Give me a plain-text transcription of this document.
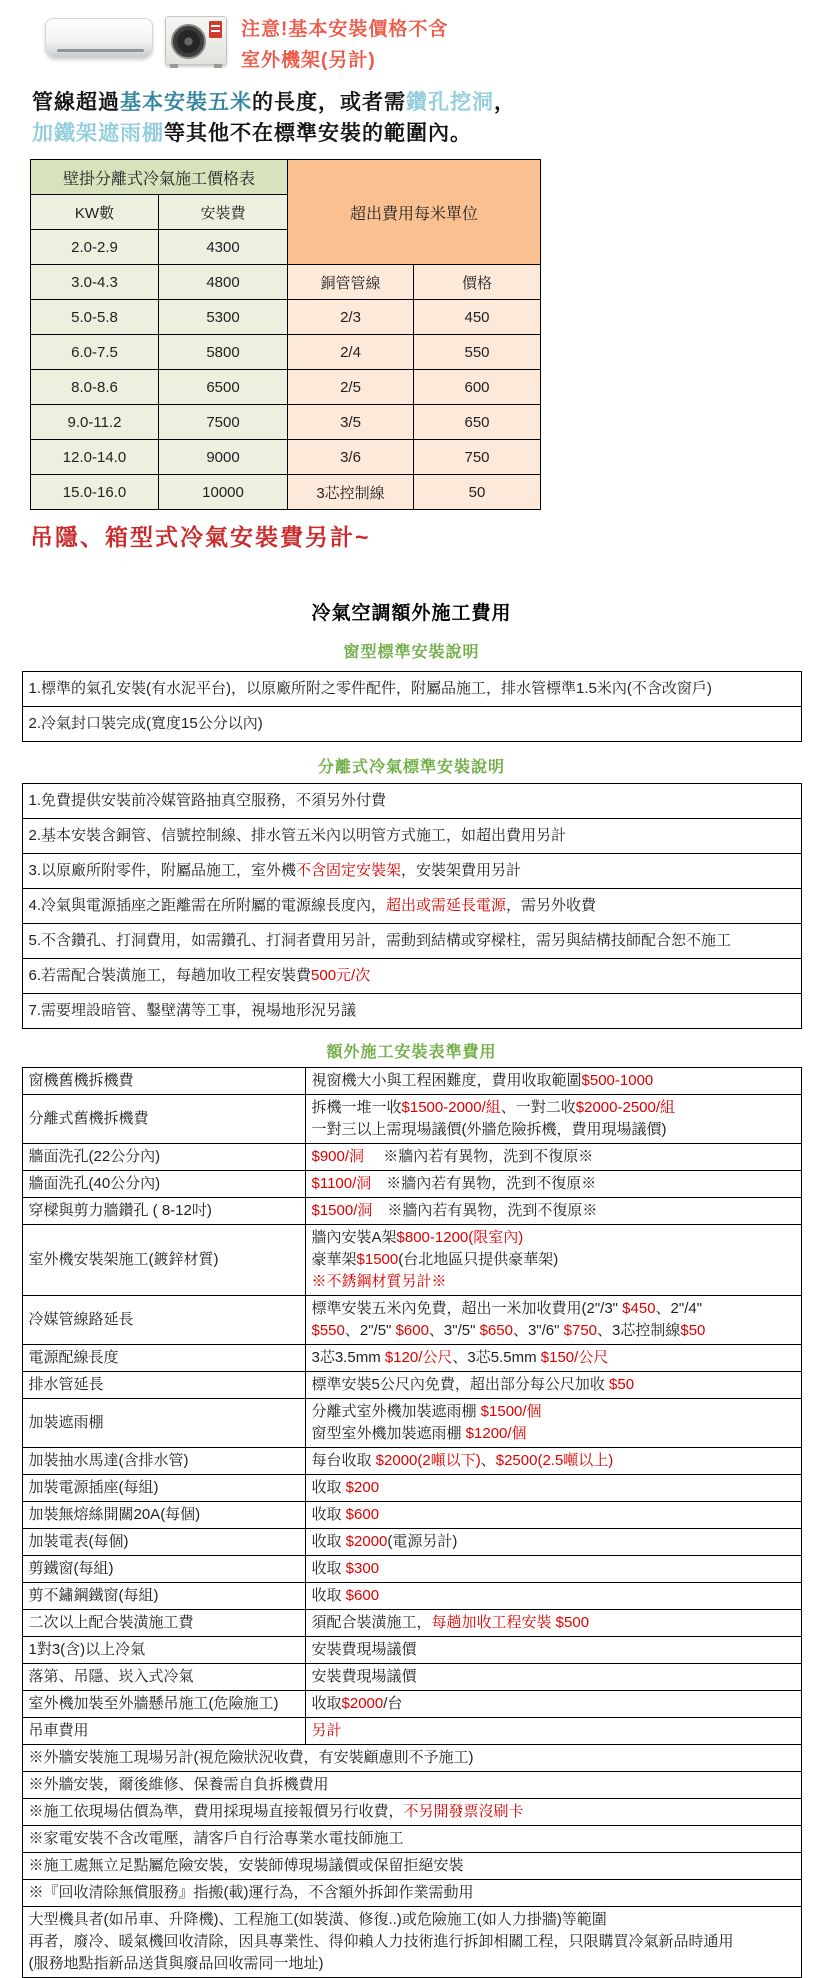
注意!基本安裝價格不含
室外機架(另計)
管線超過基本安裝五米的長度，或者需鑽孔挖洞，
加鐵架遮雨棚等其他不在標準安裝的範圍內。
壁掛分離式冷氣施工價格表		超出費用每米單位	
KW數	安裝費		
2.0-2.9	4300		
3.0-4.3	4800	銅管管線	價格
5.0-5.8	5300	2/3	450
6.0-7.5	5800	2/4	550
8.0-8.6	6500	2/5	600
9.0-11.2	7500	3/5	650
12.0-14.0	9000	3/6	750
15.0-16.0	10000	3芯控制線	50
吊隱、箱型式冷氣安裝費另計~
冷氣空調額外施工費用
窗型標準安裝說明
1.標準的氣孔安裝(有水泥平台)，以原廠所附之零件配件，附屬品施工，排水管標準1.5米內(不含改窗戶)
2.冷氣封口裝完成(寬度15公分以內)
分離式冷氣標準安裝說明
1.免費提供安裝前冷媒管路抽真空服務，不須另外付費
2.基本安裝含銅管、信號控制線、排水管五米內以明管方式施工，如超出費用另計
3.以原廠所附零件，附屬品施工，室外機不含固定安裝架，安裝架費用另計
4.冷氣與電源插座之距離需在所附屬的電源線長度內，超出或需延長電源，需另外收費
5.不含鑽孔、打洞費用，如需鑽孔、打洞者費用另計，需動到結構或穿樑柱，需另與結構技師配合恕不施工
6.若需配合裝潢施工，每趟加收工程安裝費500元/次
7.需要埋設暗管、鑿壁溝等工事，視場地形況另議
額外施工安裝表準費用
窗機舊機拆機費	視窗機大小與工程困難度，費用收取範圍$500-1000

分離式舊機拆機費	拆機一堆一收$1500-2000/組、一對二收$2000-2500/組
一對三以上需現場議價(外牆危險拆機，費用現場議價)

牆面洗孔(22公分內)	$900/洞　 ※牆內若有異物，洗到不復原※

牆面洗孔(40公分內)	$1100/洞　※牆內若有異物，洗到不復原※

穿樑與剪力牆鑽孔 ( 8-12吋)	$1500/洞　※牆內若有異物，洗到不復原※

室外機安裝架施工(鍍鋅材質)	牆內安裝A架$800-1200(限室內)
豪華架$1500(台北地區只提供豪華架)
※不銹鋼材質另計※

冷媒管線路延長	標準安裝五米內免費，超出一米加收費用(2"/3" $450、2"/4"
$550、2"/5" $600、3"/5" $650、3"/6" $750、3芯控制線$50

電源配線長度	3芯3.5mm $120/公尺、3芯5.5mm $150/公尺

排水管延長	標準安裝5公尺內免費，超出部分每公尺加收 $50

加裝遮雨棚	分離式室外機加裝遮雨棚 $1500/個
窗型室外機加裝遮雨棚 $1200/個

加裝抽水馬達(含排水管)	每台收取 $2000(2噸以下)、$2500(2.5噸以上)

加裝電源插座(每組)	收取 $200

加裝無熔絲開關20A(每個)	收取 $600

加裝電表(每個)	收取 $2000(電源另計)

剪鐵窗(每組)	收取 $300

剪不鏽鋼鐵窗(每組)	收取 $600

二次以上配合裝潢施工費	須配合裝潢施工，每趟加收工程安裝 $500

1對3(含)以上冷氣	安裝費現場議價

落第、吊隱、崁入式冷氣	安裝費現場議價

室外機加裝至外牆懸吊施工(危險施工)	收取$2000/台

吊車費用	另計

※外牆安裝施工現場另計(視危險狀況收費，有安裝顧慮則不予施工)	

※外牆安裝，爾後維修、保養需自負拆機費用	

※施工依現場估價為準，費用採現場直接報價另行收費，不另開發票沒刷卡	

※家電安裝不含改電壓，請客戶自行洽專業水電技師施工	

※施工處無立足點屬危險安裝，安裝師傅現場議價或保留拒絕安裝	

※『回收清除無償服務』指搬(載)運行為，不含額外拆卸作業需動用	

大型機具者(如吊車、升降機)、工程施工(如裝潢、修復..)或危險施工(如人力掛牆)等範圍
再者，廢冷、暖氣機回收清除，因具專業性、得仰賴人力技術進行拆卸相關工程，只限購買冷氣新品時通用
(服務地點指新品送貨與廢品回收需同一地址)	
